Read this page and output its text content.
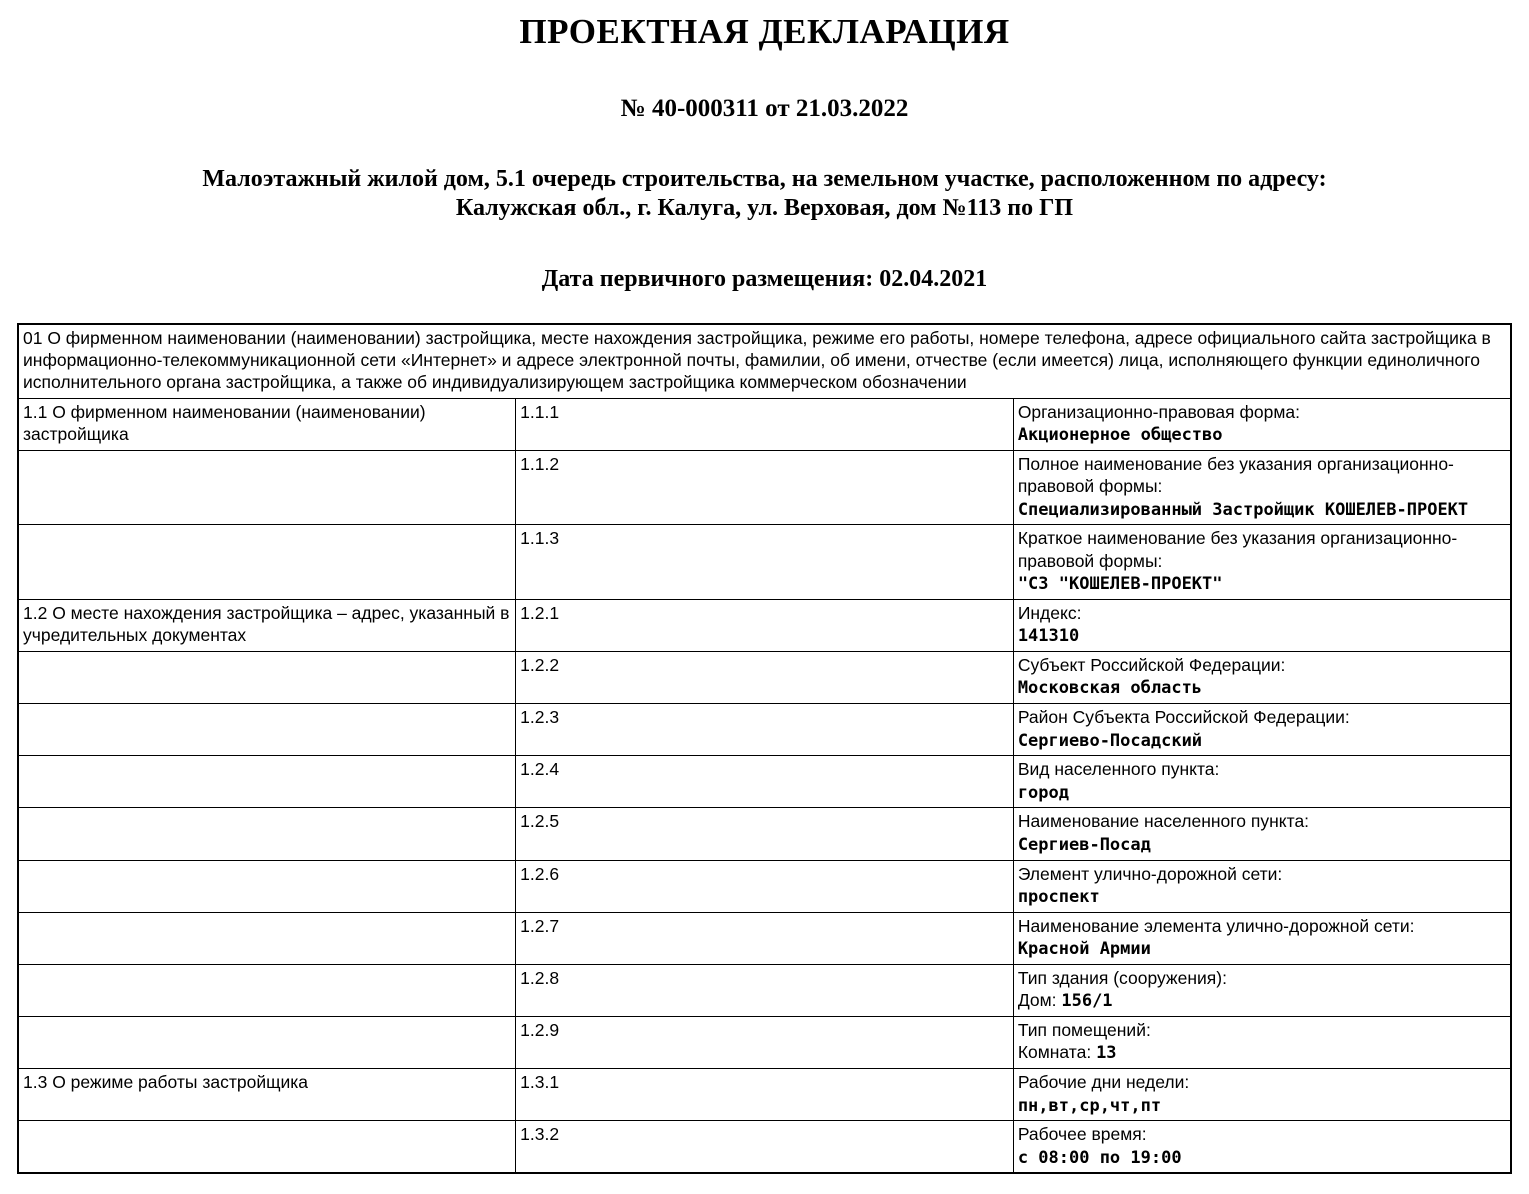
ПРОЕКТНАЯ ДЕКЛАРАЦИЯ
№ 40-000311 от 21.03.2022
Малоэтажный жилой дом, 5.1 очередь строительства, на земельном участке, расположенном по адресу:
Калужская обл., г. Калуга, ул. Верховая, дом №113 по ГП
Дата первичного размещения: 02.04.2021
01 О фирменном наименовании (наименовании) застройщика, месте нахождения застройщика, режиме его работы, номере телефона, адресе официального сайта застройщика в информационно-телекоммуникационной сети «Интернет» и адресе электронной почты, фамилии, об имени, отчестве (если имеется) лица, исполняющего функции единоличного исполнительного органа застройщика, а также об индивидуализирующем застройщика коммерческом обозначении		
1.1 О фирменном наименовании (наименовании) застройщика	1.1.1	Организационно-правовая форма:
Акционерное общество

	1.1.2	Полное наименование без указания организационно-правовой формы:
Специализированный Застройщик КОШЕЛЕВ-ПРОЕКТ

	1.1.3	Краткое наименование без указания организационно-правовой формы:
"СЗ "КОШЕЛЕВ-ПРОЕКТ"

1.2 О месте нахождения застройщика – адрес, указанный в учредительных документах	1.2.1	Индекс:
141310

	1.2.2	Субъект Российской Федерации:
Московская область

	1.2.3	Район Субъекта Российской Федерации:
Сергиево-Посадский

	1.2.4	Вид населенного пункта:
город

	1.2.5	Наименование населенного пункта:
Сергиев-Посад

	1.2.6	Элемент улично-дорожной сети:
проспект

	1.2.7	Наименование элемента улично-дорожной сети:
Красной Армии

	1.2.8	Тип здания (сооружения):
Дом: 156/1

	1.2.9	Тип помещений:
Комната: 13

1.3 О режиме работы застройщика	1.3.1	Рабочие дни недели:
пн,вт,ср,чт,пт

	1.3.2	Рабочее время:
с 08:00 по 19:00
